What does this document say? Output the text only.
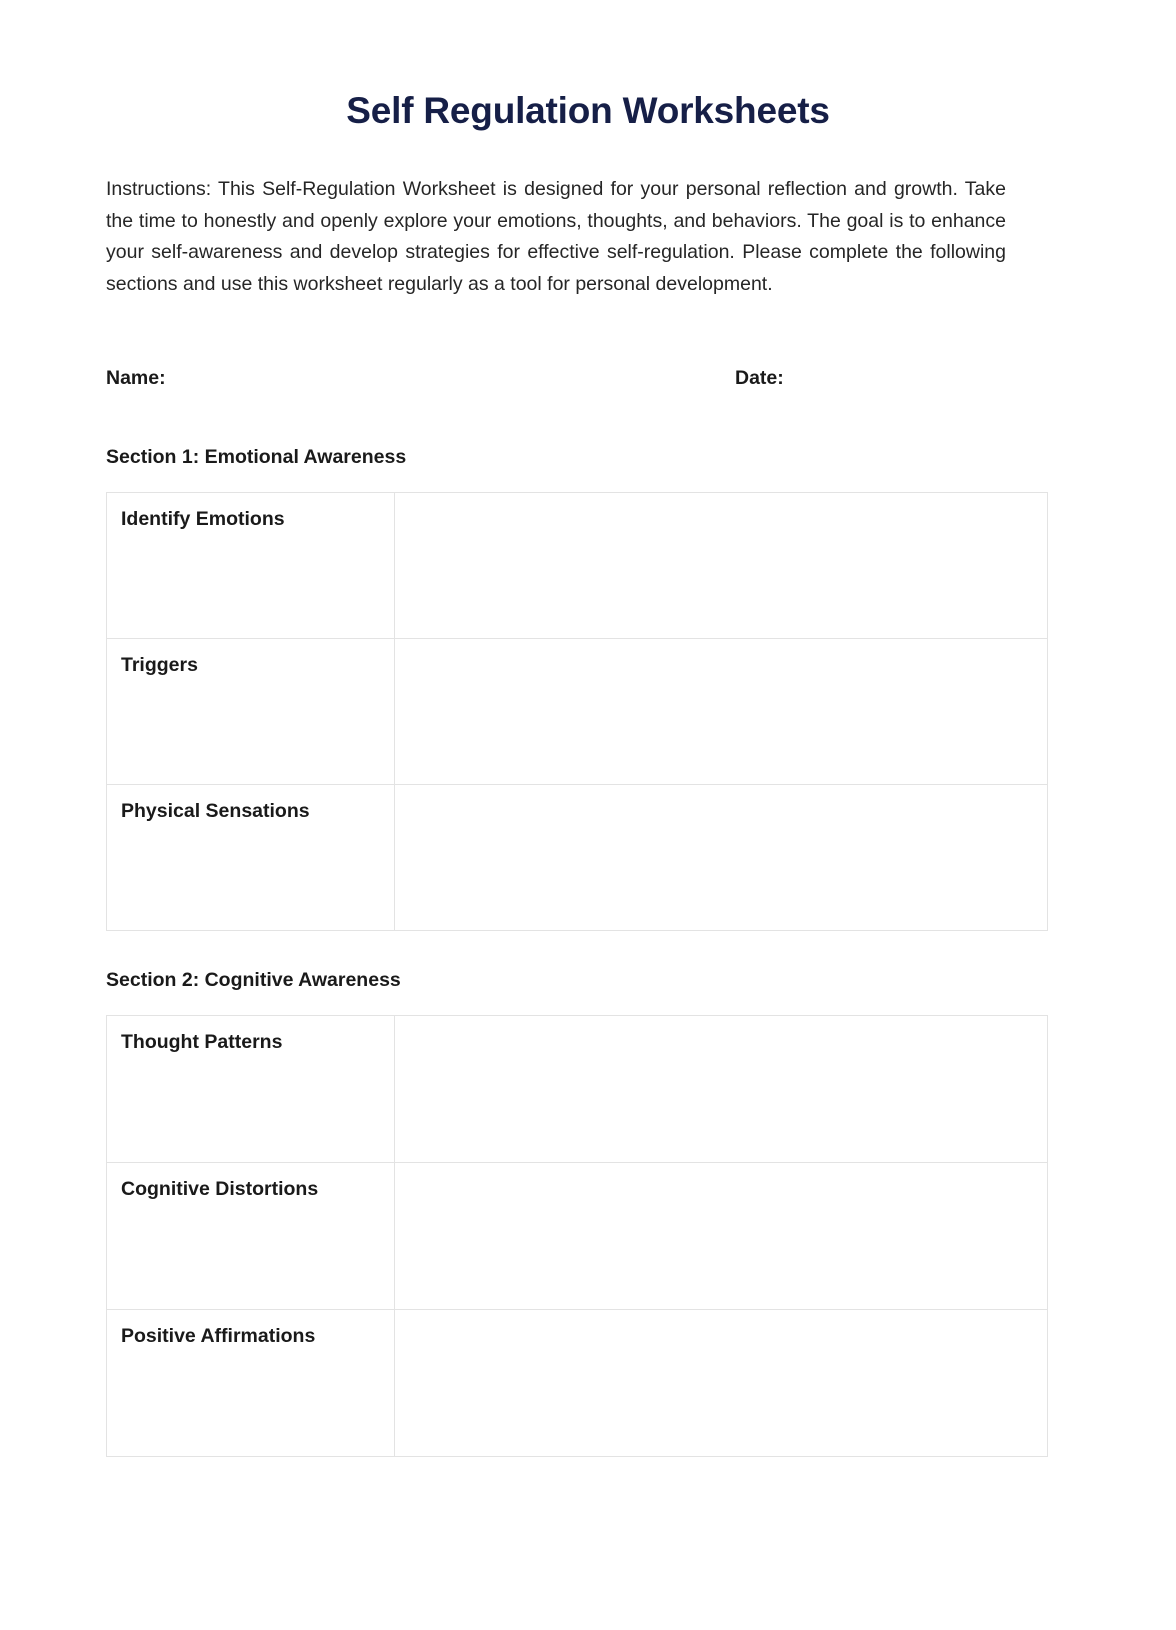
Self Regulation Worksheets

Instructions: This Self-Regulation Worksheet is designed for your personal reflection and growth. Take the time to honestly and openly explore your emotions, thoughts, and behaviors. The goal is to enhance your self-awareness and develop strategies for effective self-regulation. Please complete the following sections and use this worksheet regularly as a tool for personal development.

Name:	Date:
Section 1: Emotional Awareness
Identify Emotions	
Triggers	
Physical Sensations	
Section 2: Cognitive Awareness
Thought Patterns	
Cognitive Distortions	
Positive Affirmations	
